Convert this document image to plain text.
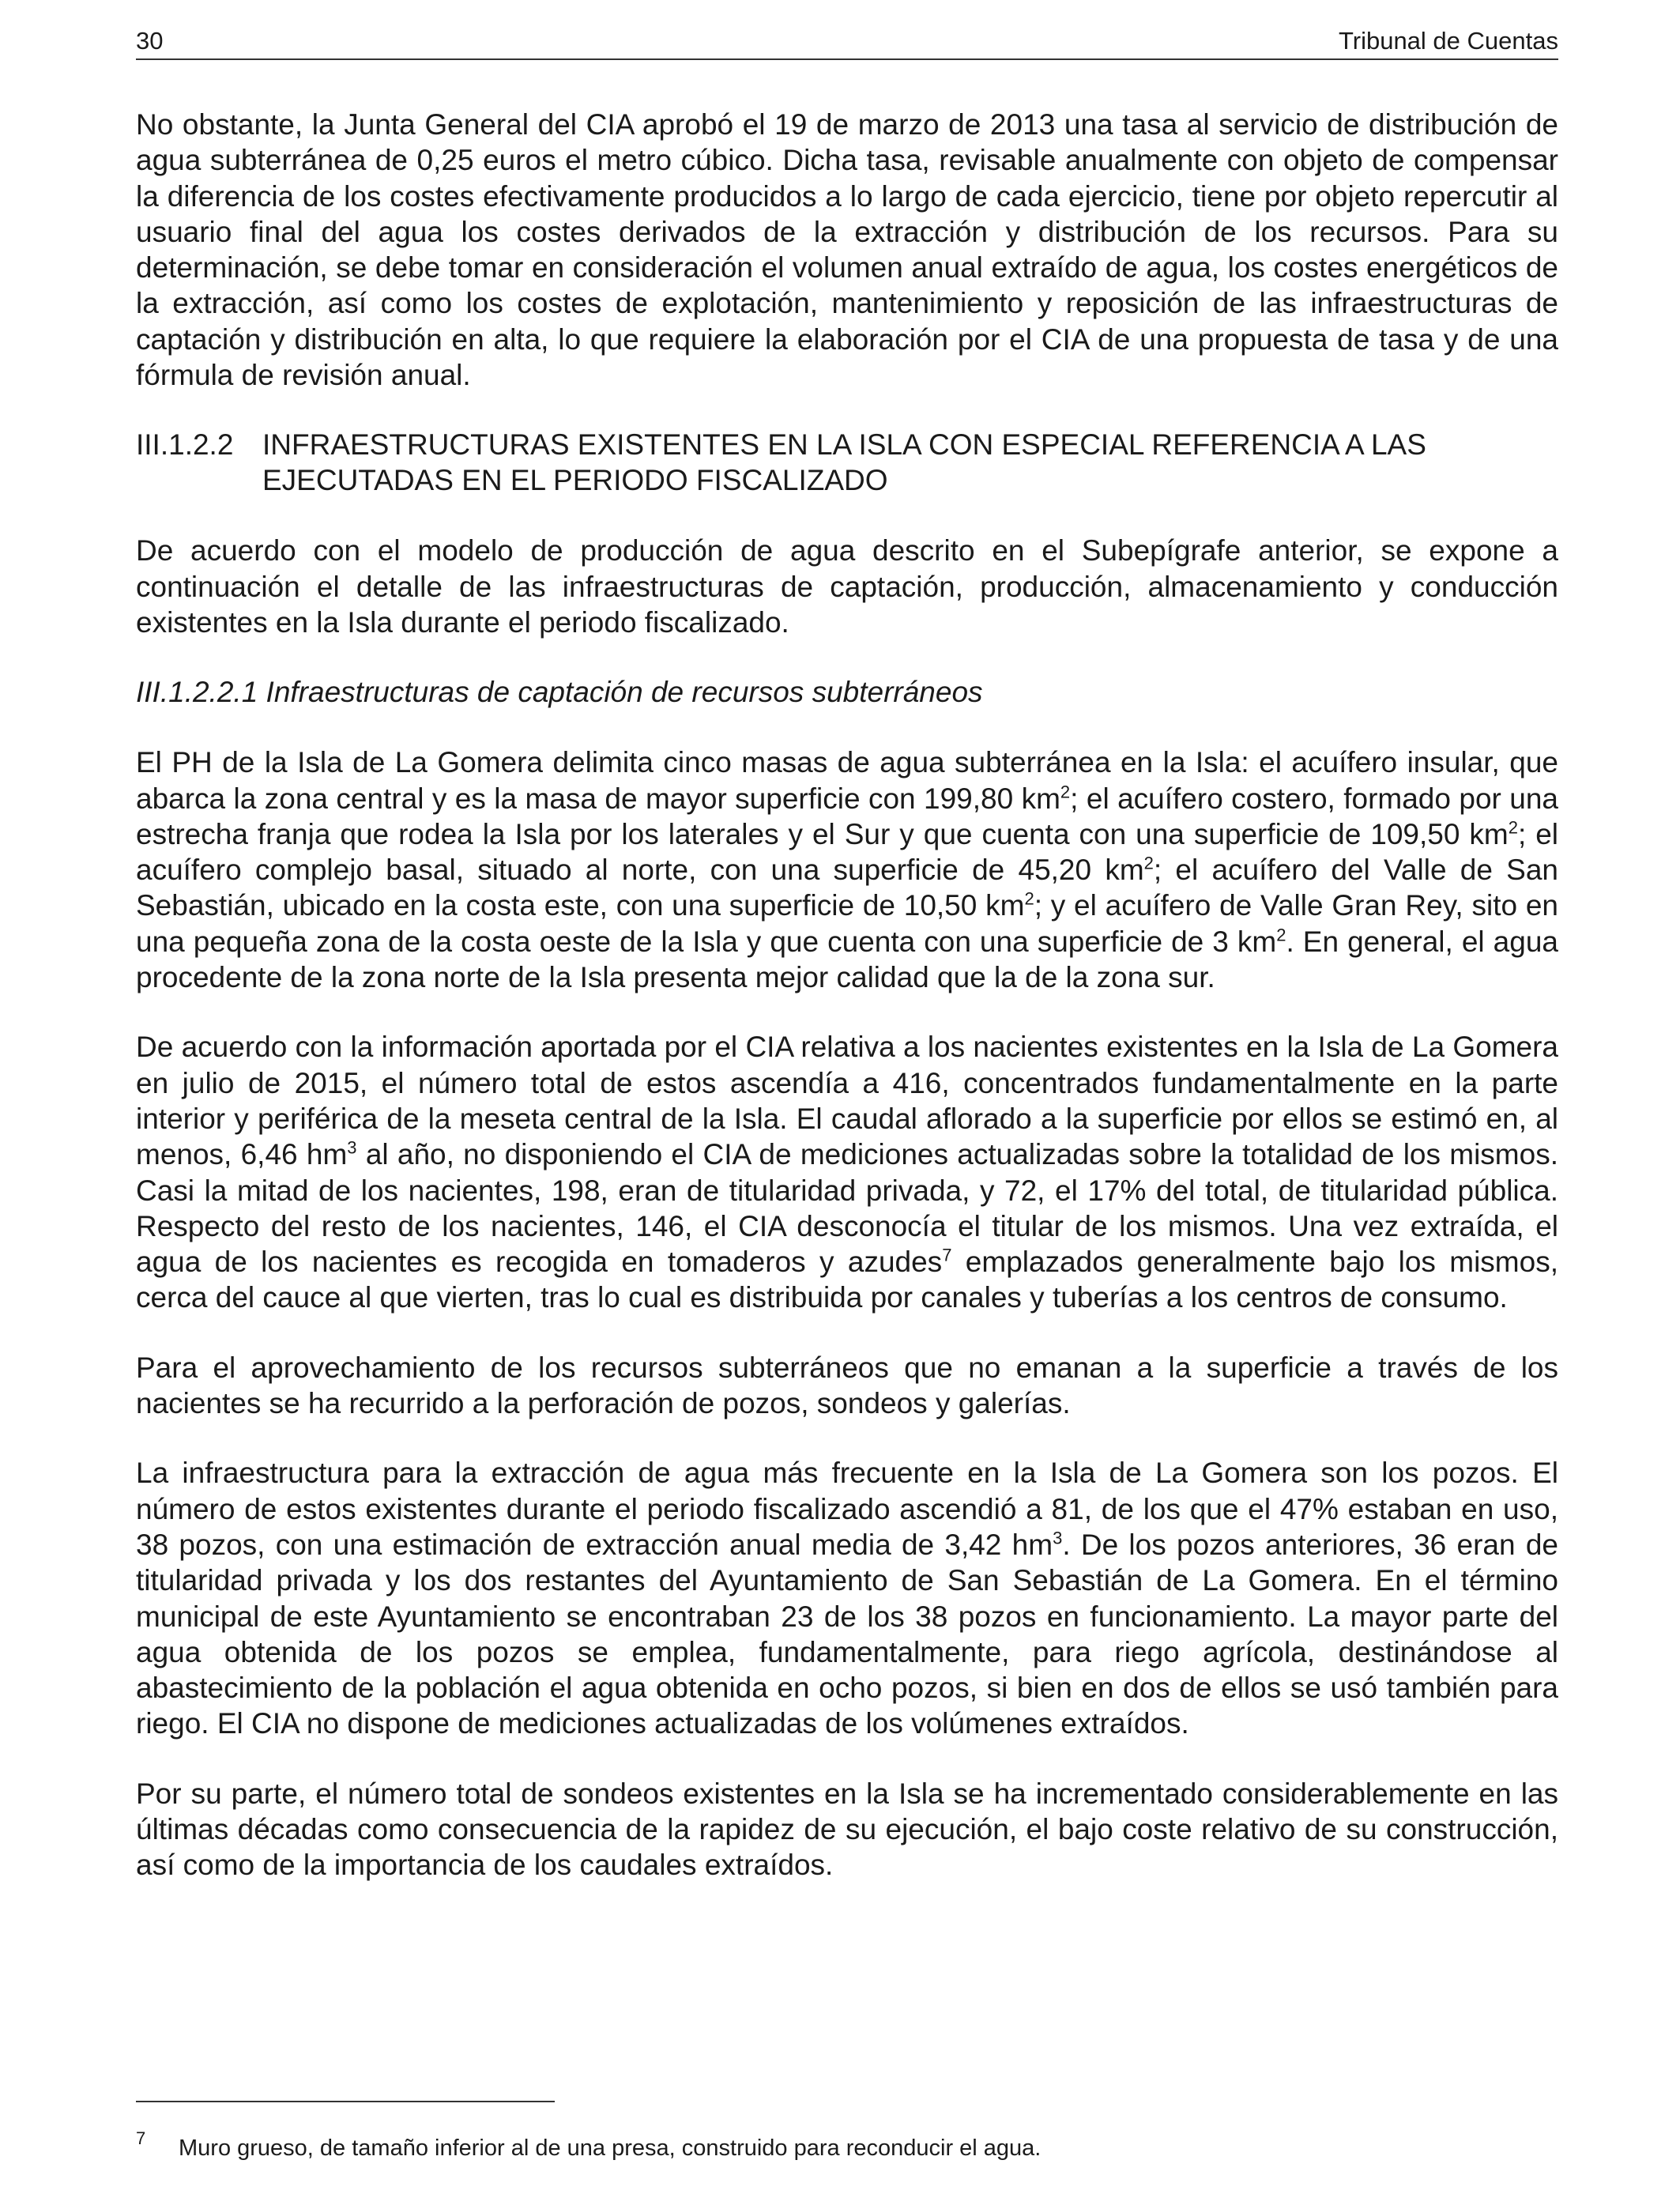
30	Tribunal de Cuentas

No obstante, la Junta General del CIA aprobó el 19 de marzo de 2013 una tasa al servicio de distribución de agua subterránea de 0,25 euros el metro cúbico. Dicha tasa, revisable anualmente con objeto de compensar la diferencia de los costes efectivamente producidos a lo largo de cada ejercicio, tiene por objeto repercutir al usuario final del agua los costes derivados de la extracción y distribución de los recursos. Para su determinación, se debe tomar en consideración el volumen anual extraído de agua, los costes energéticos de la extracción, así como los costes de explotación, mantenimiento y reposición de las infraestructuras de captación y distribución en alta, lo que requiere la elaboración por el CIA de una propuesta de tasa y de una fórmula de revisión anual.

III.1.2.2 INFRAESTRUCTURAS EXISTENTES EN LA ISLA CON ESPECIAL REFERENCIA A LAS
EJECUTADAS EN EL PERIODO FISCALIZADO

De acuerdo con el modelo de producción de agua descrito en el Subepígrafe anterior, se expone a continuación el detalle de las infraestructuras de captación, producción, almacenamiento y conducción existentes en la Isla durante el periodo fiscalizado.

III.1.2.2.1 Infraestructuras de captación de recursos subterráneos

El PH de la Isla de La Gomera delimita cinco masas de agua subterránea en la Isla: el acuífero insular, que abarca la zona central y es la masa de mayor superficie con 199,80 $km^2$; el acuífero costero, formado por una estrecha franja que rodea la Isla por los laterales y el Sur y que cuenta con una superficie de 109,50 $km^2$; el acuífero complejo basal, situado al norte, con una superficie de 45,20 $km^2$; el acuífero del Valle de San Sebastián, ubicado en la costa este, con una superficie de 10,50 $km^2$; y el acuífero de Valle Gran Rey, sito en una pequeña zona de la costa oeste de la Isla y que cuenta con una superficie de 3 $km^2$. En general, el agua procedente de la zona norte de la Isla presenta mejor calidad que la de la zona sur.

De acuerdo con la información aportada por el CIA relativa a los nacientes existentes en la Isla de La Gomera en julio de 2015, el número total de estos ascendía a 416, concentrados fundamentalmente en la parte interior y periférica de la meseta central de la Isla. El caudal aflorado a la superficie por ellos se estimó en, al menos, 6,46 $hm^3$ al año, no disponiendo el CIA de mediciones actualizadas sobre la totalidad de los mismos. Casi la mitad de los nacientes, 198, eran de titularidad privada, y 72, el 17% del total, de titularidad pública. Respecto del resto de los nacientes, 146, el CIA desconocía el titular de los mismos. Una vez extraída, el agua de los nacientes es recogida en tomaderos y azudes$^7$ emplazados generalmente bajo los mismos, cerca del cauce al que vierten, tras lo cual es distribuida por canales y tuberías a los centros de consumo.

Para el aprovechamiento de los recursos subterráneos que no emanan a la superficie a través de los nacientes se ha recurrido a la perforación de pozos, sondeos y galerías.

La infraestructura para la extracción de agua más frecuente en la Isla de La Gomera son los pozos. El número de estos existentes durante el periodo fiscalizado ascendió a 81, de los que el 47% estaban en uso, 38 pozos, con una estimación de extracción anual media de 3,42 $hm^3$. De los pozos anteriores, 36 eran de titularidad privada y los dos restantes del Ayuntamiento de San Sebastián de La Gomera. En el término municipal de este Ayuntamiento se encontraban 23 de los 38 pozos en funcionamiento. La mayor parte del agua obtenida de los pozos se emplea, fundamentalmente, para riego agrícola, destinándose al abastecimiento de la población el agua obtenida en ocho pozos, si bien en dos de ellos se usó también para riego. El CIA no dispone de mediciones actualizadas de los volúmenes extraídos.

Por su parte, el número total de sondeos existentes en la Isla se ha incrementado considerablemente en las últimas décadas como consecuencia de la rapidez de su ejecución, el bajo coste relativo de su construcción, así como de la importancia de los caudales extraídos.

7 Muro grueso, de tamaño inferior al de una presa, construido para reconducir el agua.
